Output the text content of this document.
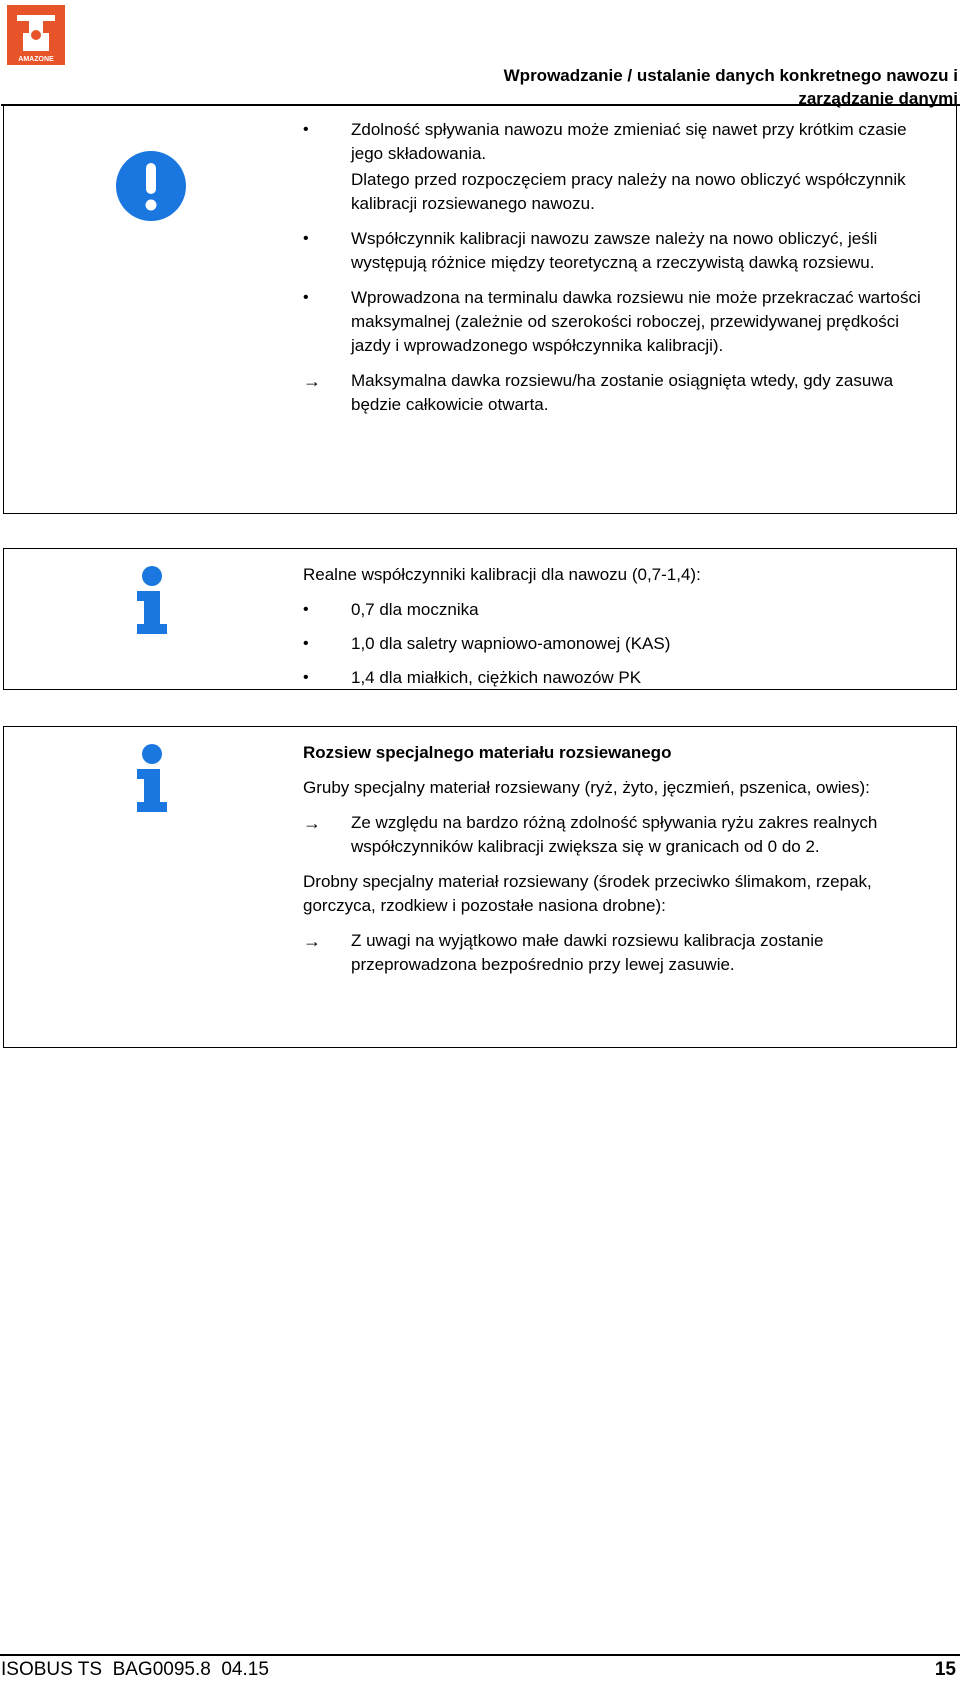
AMAZONE
Wprowadzanie / ustalanie danych konkretnego nawozu i
zarządzanie danymi
•	Zdolność spływania nawozu może zmieniać się nawet przy krótkim czasie jego składowania.
Dlatego przed rozpoczęciem pracy należy na nowo obliczyć współczynnik kalibracji rozsiewanego nawozu.
•	Współczynnik kalibracji nawozu zawsze należy na nowo obliczyć, jeśli występują różnice między teoretyczną a rzeczywistą dawką rozsiewu.
•	Wprowadzona na terminalu dawka rozsiewu nie może przekraczać wartości maksymalnej (zależnie od szerokości roboczej, przewidywanej prędkości jazdy i wprowadzonego współczynnika kalibracji).
→ Maksymalna dawka rozsiewu/ha zostanie osiągnięta wtedy, gdy zasuwa będzie całkowicie otwarta.
Realne współczynniki kalibracji dla nawozu (0,7-1,4):
•	0,7 dla mocznika
•	1,0 dla saletry wapniowo-amonowej (KAS)
•	1,4 dla miałkich, ciężkich nawozów PK
Rozsiew specjalnego materiału rozsiewanego
Gruby specjalny materiał rozsiewany (ryż, żyto, jęczmień, pszenica, owies):
→ Ze względu na bardzo różną zdolność spływania ryżu zakres realnych współczynników kalibracji zwiększa się w granicach od 0 do 2.
Drobny specjalny materiał rozsiewany (środek przeciwko ślimakom, rzepak, gorczyca, rzodkiew i pozostałe nasiona drobne):
→ Z uwagi na wyjątkowo małe dawki rozsiewu kalibracja zostanie przeprowadzona bezpośrednio przy lewej zasuwie.
ISOBUS TS  BAG0095.8  04.15	15
